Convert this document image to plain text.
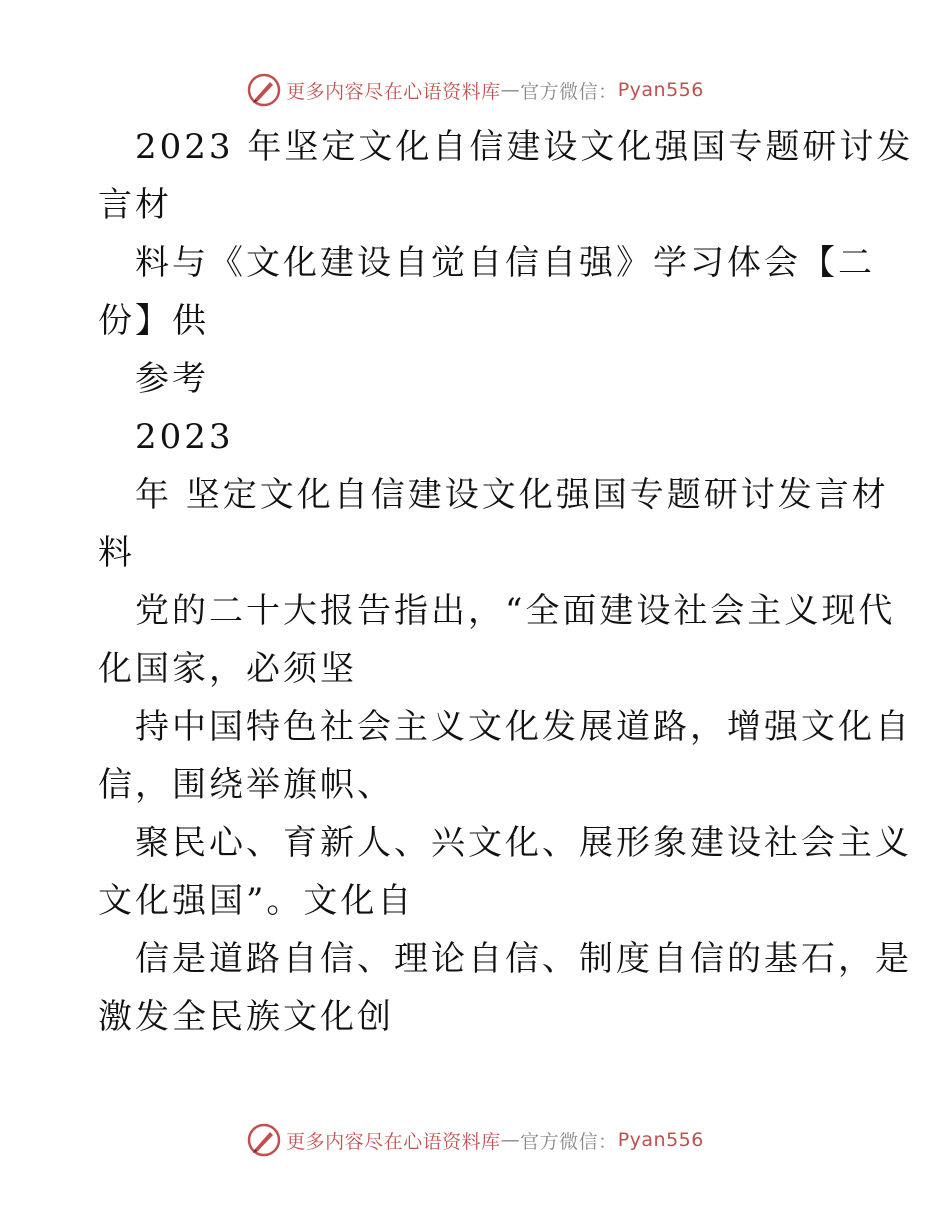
更多内容尽在心语资料库 — 官方微信： Pyan556
2023 年坚定文化自信建设文化强国专题研讨发
言材
料与《文化建设自觉自信自强》学习体会【二
份】供
参考
2023
年 坚定文化自信建设文化强国专题研讨发言材
料
党的二十大报告指出，“全面建设社会主义现代
化国家，必须坚
持中国特色社会主义文化发展道路，增强文化自
信，围绕举旗帜、
聚民心、育新人、兴文化、展形象建设社会主义
文化强国”。文化自
信是道路自信、理论自信、制度自信的基石，是
激发全民族文化创
更多内容尽在心语资料库 — 官方微信： Pyan556
